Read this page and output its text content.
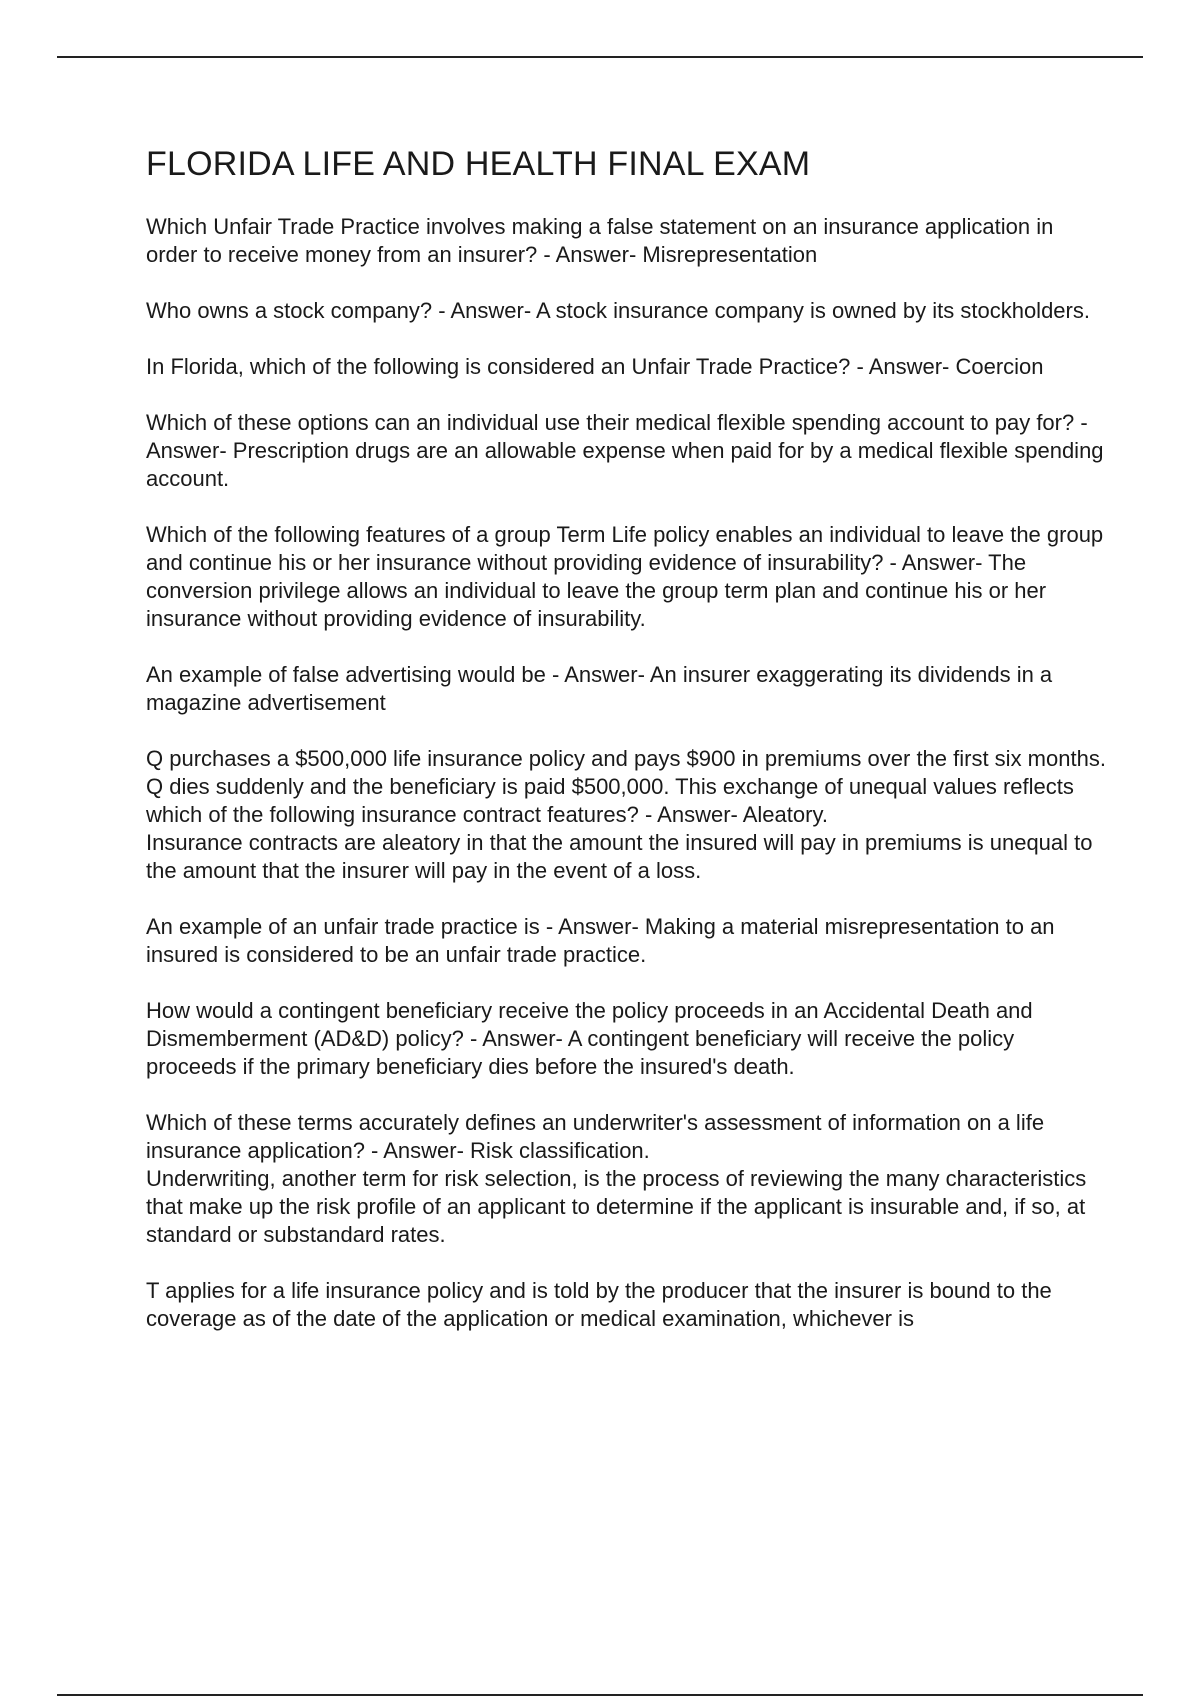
FLORIDA LIFE AND HEALTH FINAL EXAM

Which Unfair Trade Practice involves making a false statement on an insurance application in order to receive money from an insurer? - Answer- Misrepresentation

Who owns a stock company? - Answer- A stock insurance company is owned by its stockholders.

In Florida, which of the following is considered an Unfair Trade Practice? - Answer- Coercion

Which of these options can an individual use their medical flexible spending account to pay for? - Answer- Prescription drugs are an allowable expense when paid for by a medical flexible spending account.

Which of the following features of a group Term Life policy enables an individual to leave the group and continue his or her insurance without providing evidence of insurability? - Answer- The conversion privilege allows an individual to leave the group term plan and continue his or her insurance without providing evidence of insurability.

An example of false advertising would be - Answer- An insurer exaggerating its dividends in a magazine advertisement

Q purchases a $500,000 life insurance policy and pays $900 in premiums over the first six months. Q dies suddenly and the beneficiary is paid $500,000. This exchange of unequal values reflects which of the following insurance contract features? - Answer- Aleatory.

Insurance contracts are aleatory in that the amount the insured will pay in premiums is unequal to the amount that the insurer will pay in the event of a loss.

An example of an unfair trade practice is - Answer- Making a material misrepresentation to an insured is considered to be an unfair trade practice.

How would a contingent beneficiary receive the policy proceeds in an Accidental Death and Dismemberment (AD&D) policy? - Answer- A contingent beneficiary will receive the policy proceeds if the primary beneficiary dies before the insured's death.

Which of these terms accurately defines an underwriter's assessment of information on a life insurance application? - Answer- Risk classification.

Underwriting, another term for risk selection, is the process of reviewing the many characteristics that make up the risk profile of an applicant to determine if the applicant is insurable and, if so, at standard or substandard rates.

T applies for a life insurance policy and is told by the producer that the insurer is bound to the coverage as of the date of the application or medical examination, whichever is
